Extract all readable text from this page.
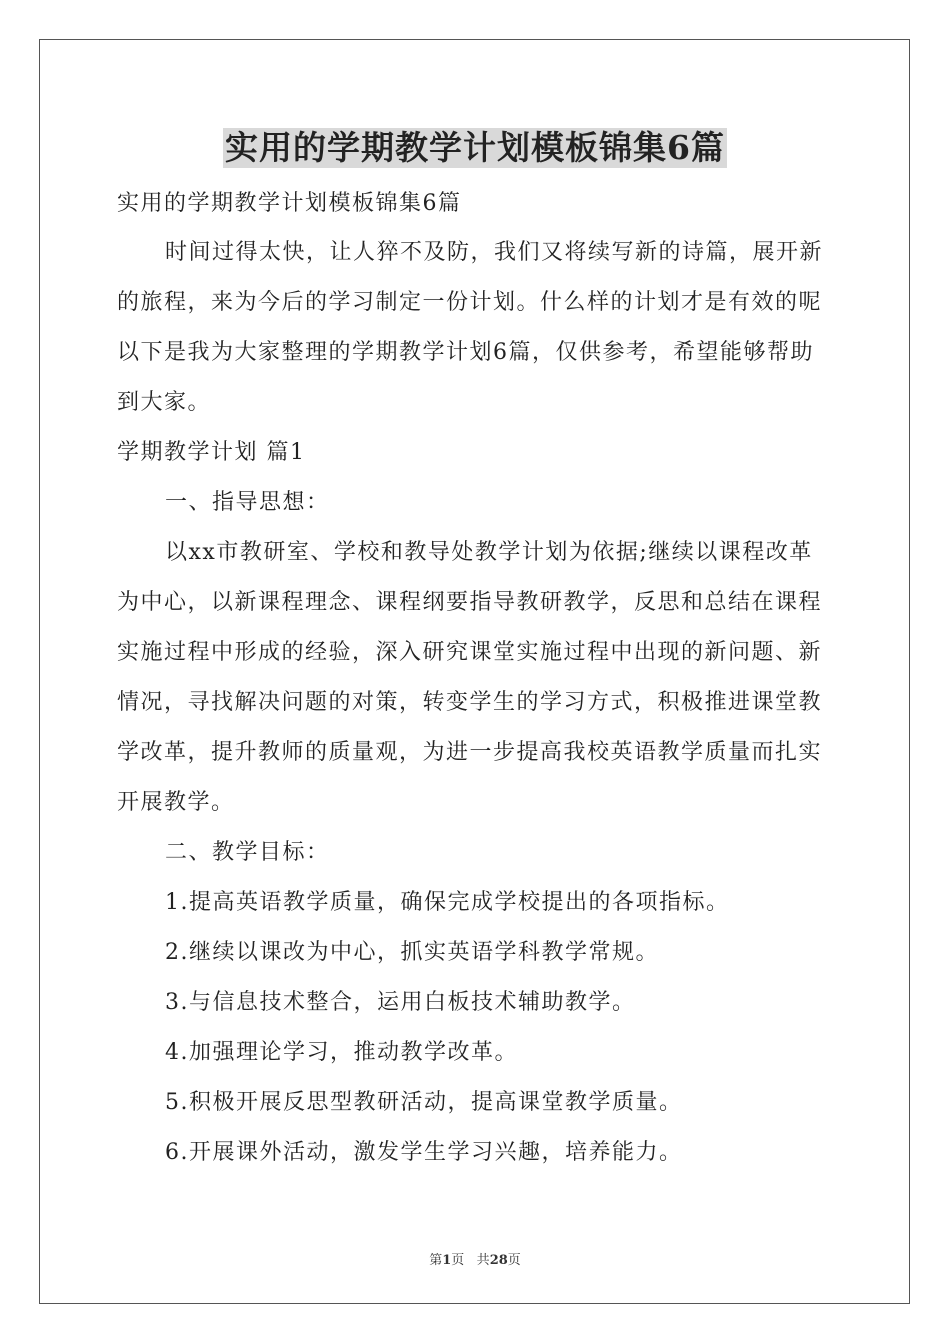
实用的学期教学计划模板锦集6篇
实用的学期教学计划模板锦集6篇
时间过得太快，让人猝不及防，我们又将续写新的诗篇，展开新
的旅程，来为今后的学习制定一份计划。什么样的计划才是有效的呢
以下是我为大家整理的学期教学计划6篇，仅供参考，希望能够帮助
到大家。
学期教学计划 篇1
一、指导思想：
以xx市教研室、学校和教导处教学计划为依据;继续以课程改革
为中心，以新课程理念、课程纲要指导教研教学，反思和总结在课程
实施过程中形成的经验，深入研究课堂实施过程中出现的新问题、新
情况，寻找解决问题的对策，转变学生的学习方式，积极推进课堂教
学改革，提升教师的质量观，为进一步提高我校英语教学质量而扎实
开展教学。
二、教学目标：
1.提高英语教学质量，确保完成学校提出的各项指标。
2.继续以课改为中心，抓实英语学科教学常规。
3.与信息技术整合，运用白板技术辅助教学。
4.加强理论学习，推动教学改革。
5.积极开展反思型教研活动，提高课堂教学质量。
6.开展课外活动，激发学生学习兴趣，培养能力。
第1页 共28页
